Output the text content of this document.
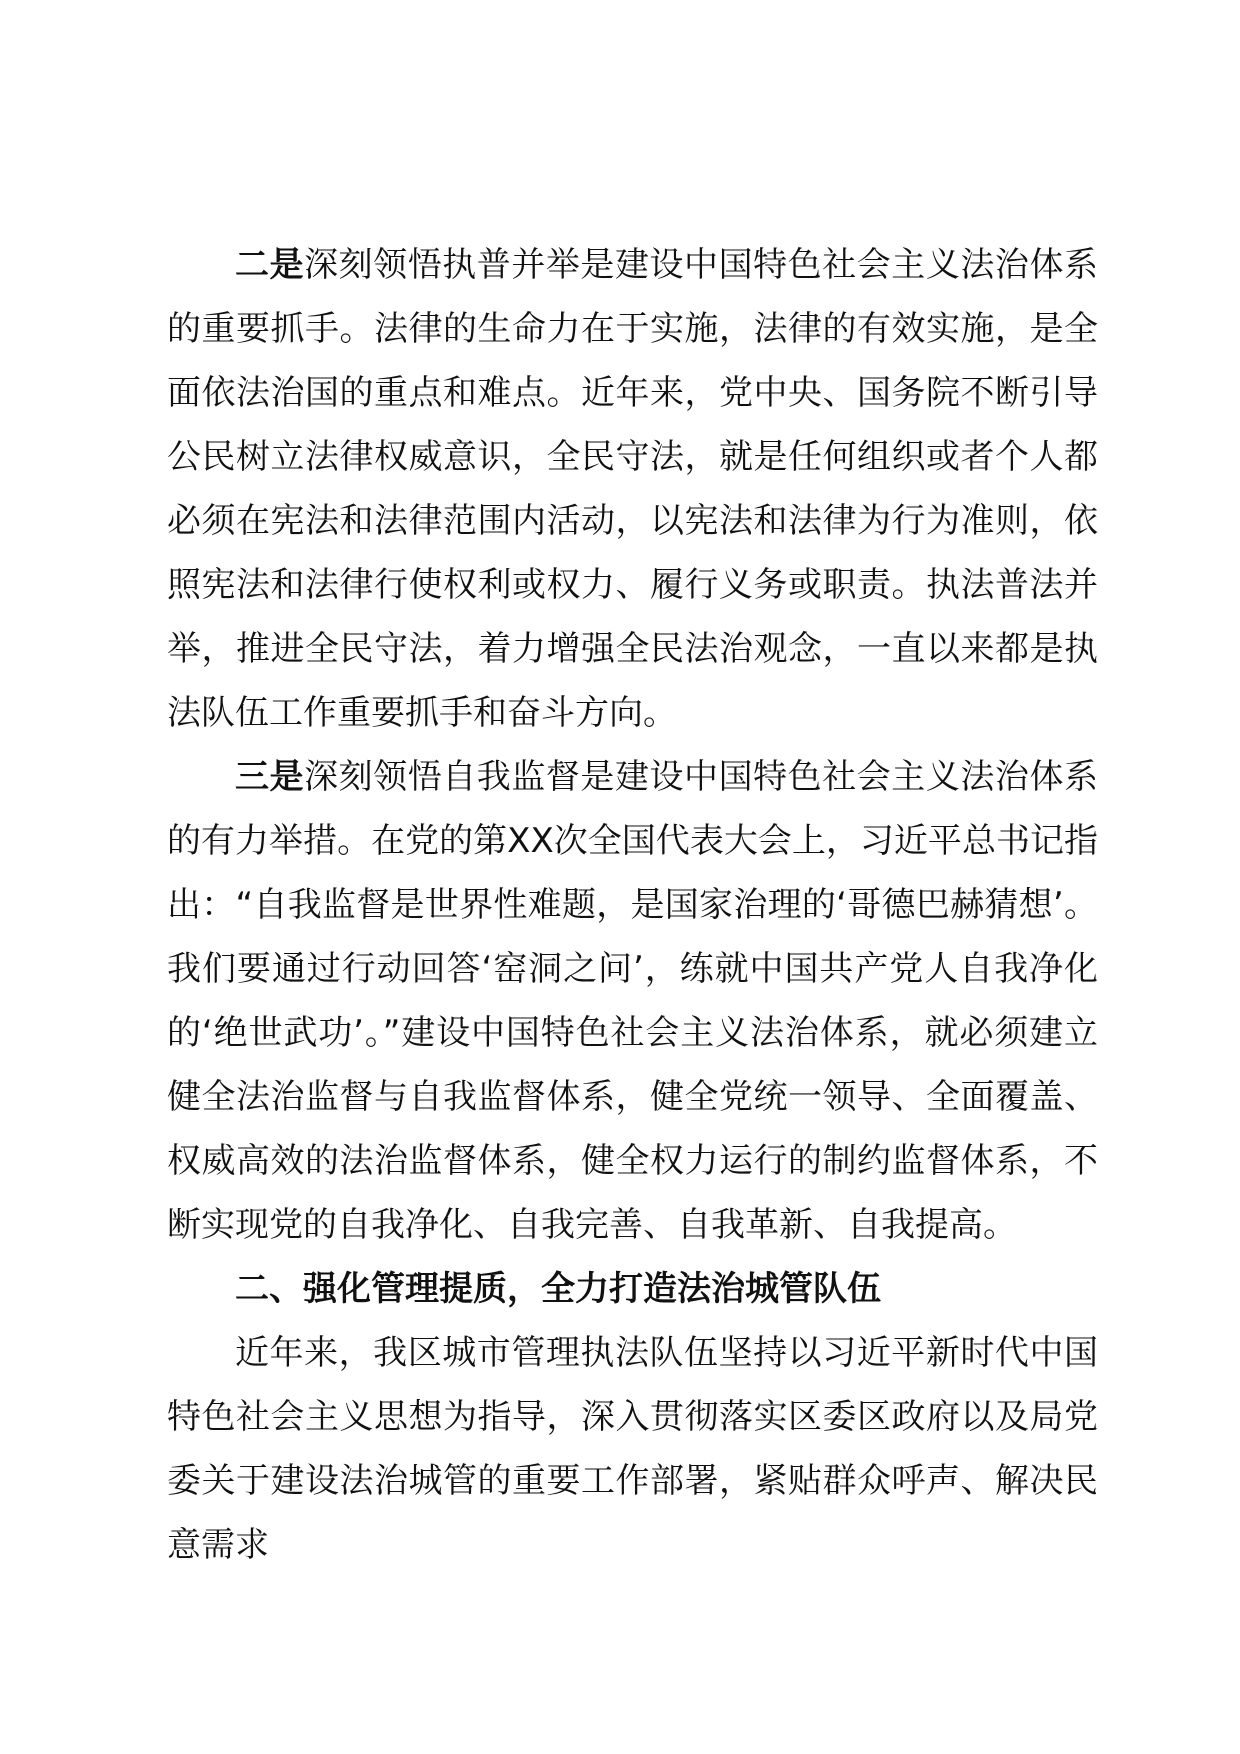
二是深刻领悟执普并举是建设中国特色社会主义法治体系的重要抓手。法律的生命力在于实施，法律的有效实施，是全面依法治国的重点和难点。近年来，党中央、国务院不断引导公民树立法律权威意识，全民守法，就是任何组织或者个人都必须在宪法和法律范围内活动，以宪法和法律为行为准则，依照宪法和法律行使权利或权力、履行义务或职责。执法普法并举，推进全民守法，着力增强全民法治观念，一直以来都是执法队伍工作重要抓手和奋斗方向。

三是深刻领悟自我监督是建设中国特色社会主义法治体系的有力举措。在党的第XX次全国代表大会上，习近平总书记指出：“自我监督是世界性难题，是国家治理的‘哥德巴赫猜想’。我们要通过行动回答‘窑洞之问’，练就中国共产党人自我净化的‘绝世武功’。”建设中国特色社会主义法治体系，就必须建立健全法治监督与自我监督体系，健全党统一领导、全面覆盖、权威高效的法治监督体系，健全权力运行的制约监督体系，不断实现党的自我净化、自我完善、自我革新、自我提高。

二、强化管理提质，全力打造法治城管队伍

近年来，我区城市管理执法队伍坚持以习近平新时代中国特色社会主义思想为指导，深入贯彻落实区委区政府以及局党委关于建设法治城管的重要工作部署，紧贴群众呼声、解决民意需求
